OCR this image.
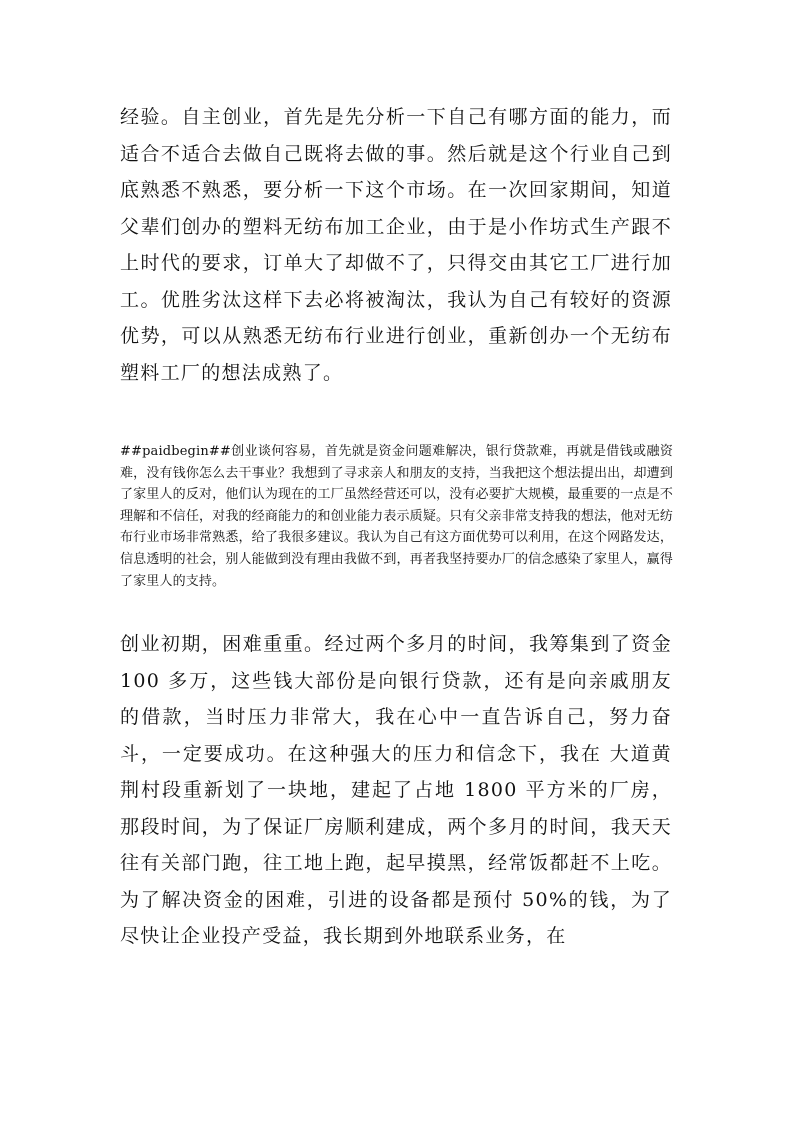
经验。自主创业，首先是先分析一下自己有哪方面的能力，而适合不适合去做自己既将去做的事。然后就是这个行业自己到底熟悉不熟悉，要分析一下这个市场。在一次回家期间，知道父辈们创办的塑料无纺布加工企业，由于是小作坊式生产跟不上时代的要求，订单大了却做不了，只得交由其它工厂进行加工。优胜劣汰这样下去必将被淘汰，我认为自己有较好的资源优势，可以从熟悉无纺布行业进行创业，重新创办一个无纺布塑料工厂的想法成熟了。

##paidbegin##创业谈何容易，首先就是资金问题难解决，银行贷款难，再就是借钱或融资难，没有钱你怎么去干事业？我想到了寻求亲人和朋友的支持，当我把这个想法提出出，却遭到了家里人的反对，他们认为现在的工厂虽然经营还可以，没有必要扩大规模，最重要的一点是不理解和不信任，对我的经商能力的和创业能力表示质疑。只有父亲非常支持我的想法，他对无纺布行业市场非常熟悉，给了我很多建议。我认为自己有这方面优势可以利用，在这个网路发达，信息透明的社会，别人能做到没有理由我做不到，再者我坚持要办厂的信念感染了家里人，赢得了家里人的支持。

创业初期，困难重重。经过两个多月的时间，我筹集到了资金 100 多万，这些钱大部份是向银行贷款，还有是向亲戚朋友的借款，当时压力非常大，我在心中一直告诉自己，努力奋斗，一定要成功。在这种强大的压力和信念下，我在 大道黄荆村段重新划了一块地，建起了占地 1800 平方米的厂房，那段时间，为了保证厂房顺利建成，两个多月的时间，我天天往有关部门跑，往工地上跑，起早摸黑，经常饭都赶不上吃。为了解决资金的困难，引进的设备都是预付 50%的钱，为了尽快让企业投产受益，我长期到外地联系业务，在
